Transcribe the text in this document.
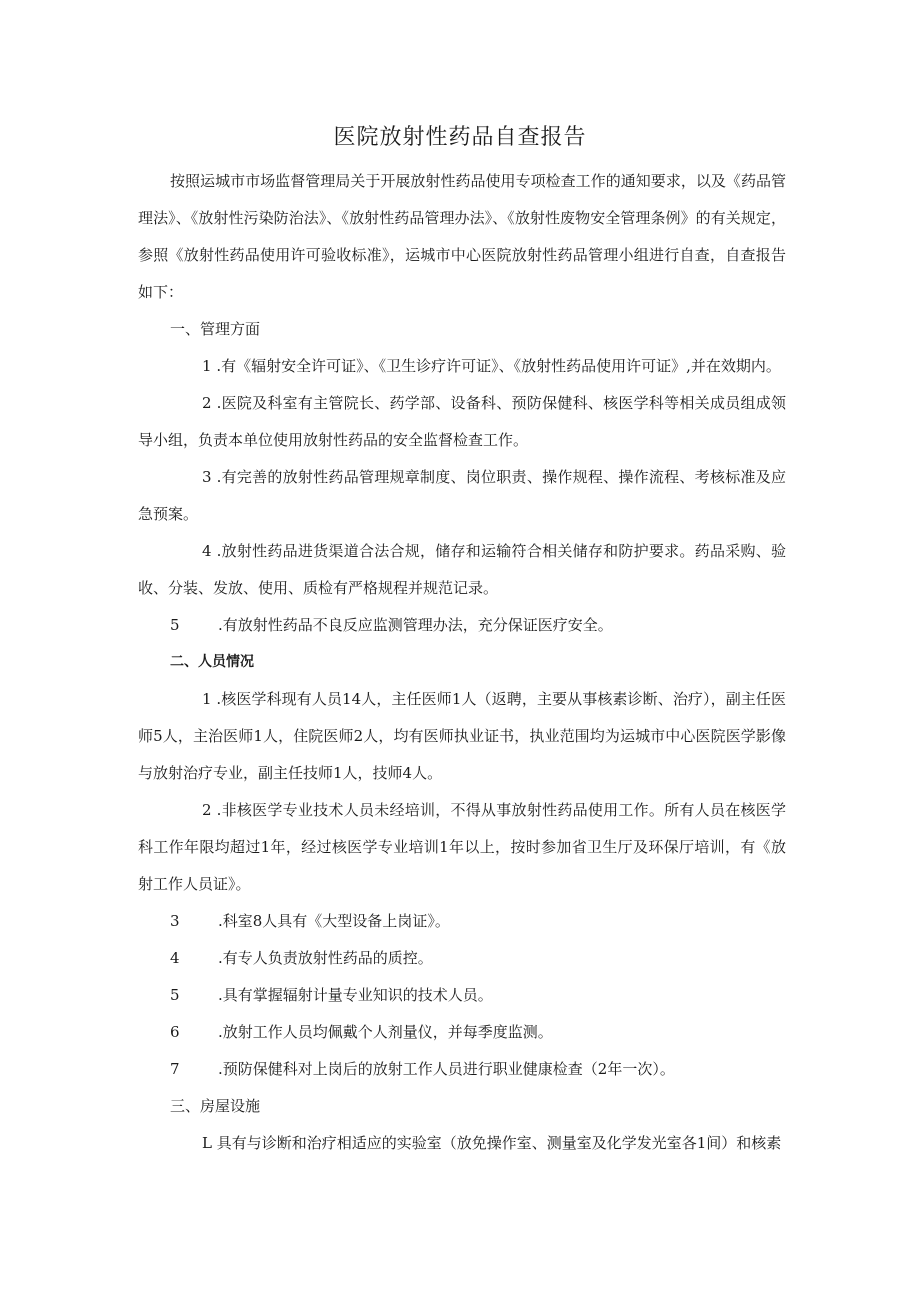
医院放射性药品自查报告

按照运城市市场监督管理局关于开展放射性药品使用专项检查工作的通知要求，以及《药品管理法》、《放射性污染防治法》、《放射性药品管理办法》、《放射性废物安全管理条例》的有关规定，参照《放射性药品使用许可验收标准》，运城市中心医院放射性药品管理小组进行自查，自查报告如下：

一、管理方面

1 .有《辐射安全许可证》、《卫生诊疗许可证》、《放射性药品使用许可证》,并在效期内。

2 .医院及科室有主管院长、药学部、设备科、预防保健科、核医学科等相关成员组成领导小组，负责本单位使用放射性药品的安全监督检查工作。

3 .有完善的放射性药品管理规章制度、岗位职责、操作规程、操作流程、考核标准及应急预案。

4 .放射性药品进货渠道合法合规，储存和运输符合相关储存和防护要求。药品采购、验收、分装、发放、使用、质检有严格规程并规范记录。

5	.有放射性药品不良反应监测管理办法，充分保证医疗安全。

二、人员情况

1 .核医学科现有人员14人，主任医师1人（返聘，主要从事核素诊断、治疗），副主任医师5人，主治医师1人，住院医师2人，均有医师执业证书，执业范围均为运城市中心医院医学影像与放射治疗专业，副主任技师1人，技师4人。

2 .非核医学专业技术人员未经培训，不得从事放射性药品使用工作。所有人员在核医学科工作年限均超过1年，经过核医学专业培训1年以上，按时参加省卫生厅及环保厅培训，有《放射工作人员证》。

3	.科室8人具有《大型设备上岗证》。

4	.有专人负责放射性药品的质控。

5	.具有掌握辐射计量专业知识的技术人员。

6	.放射工作人员均佩戴个人剂量仪，并每季度监测。

7	.预防保健科对上岗后的放射工作人员进行职业健康检查（2年一次）。

三、房屋设施

L 具有与诊断和治疗相适应的实验室（放免操作室、测量室及化学发光室各1间）和核素
